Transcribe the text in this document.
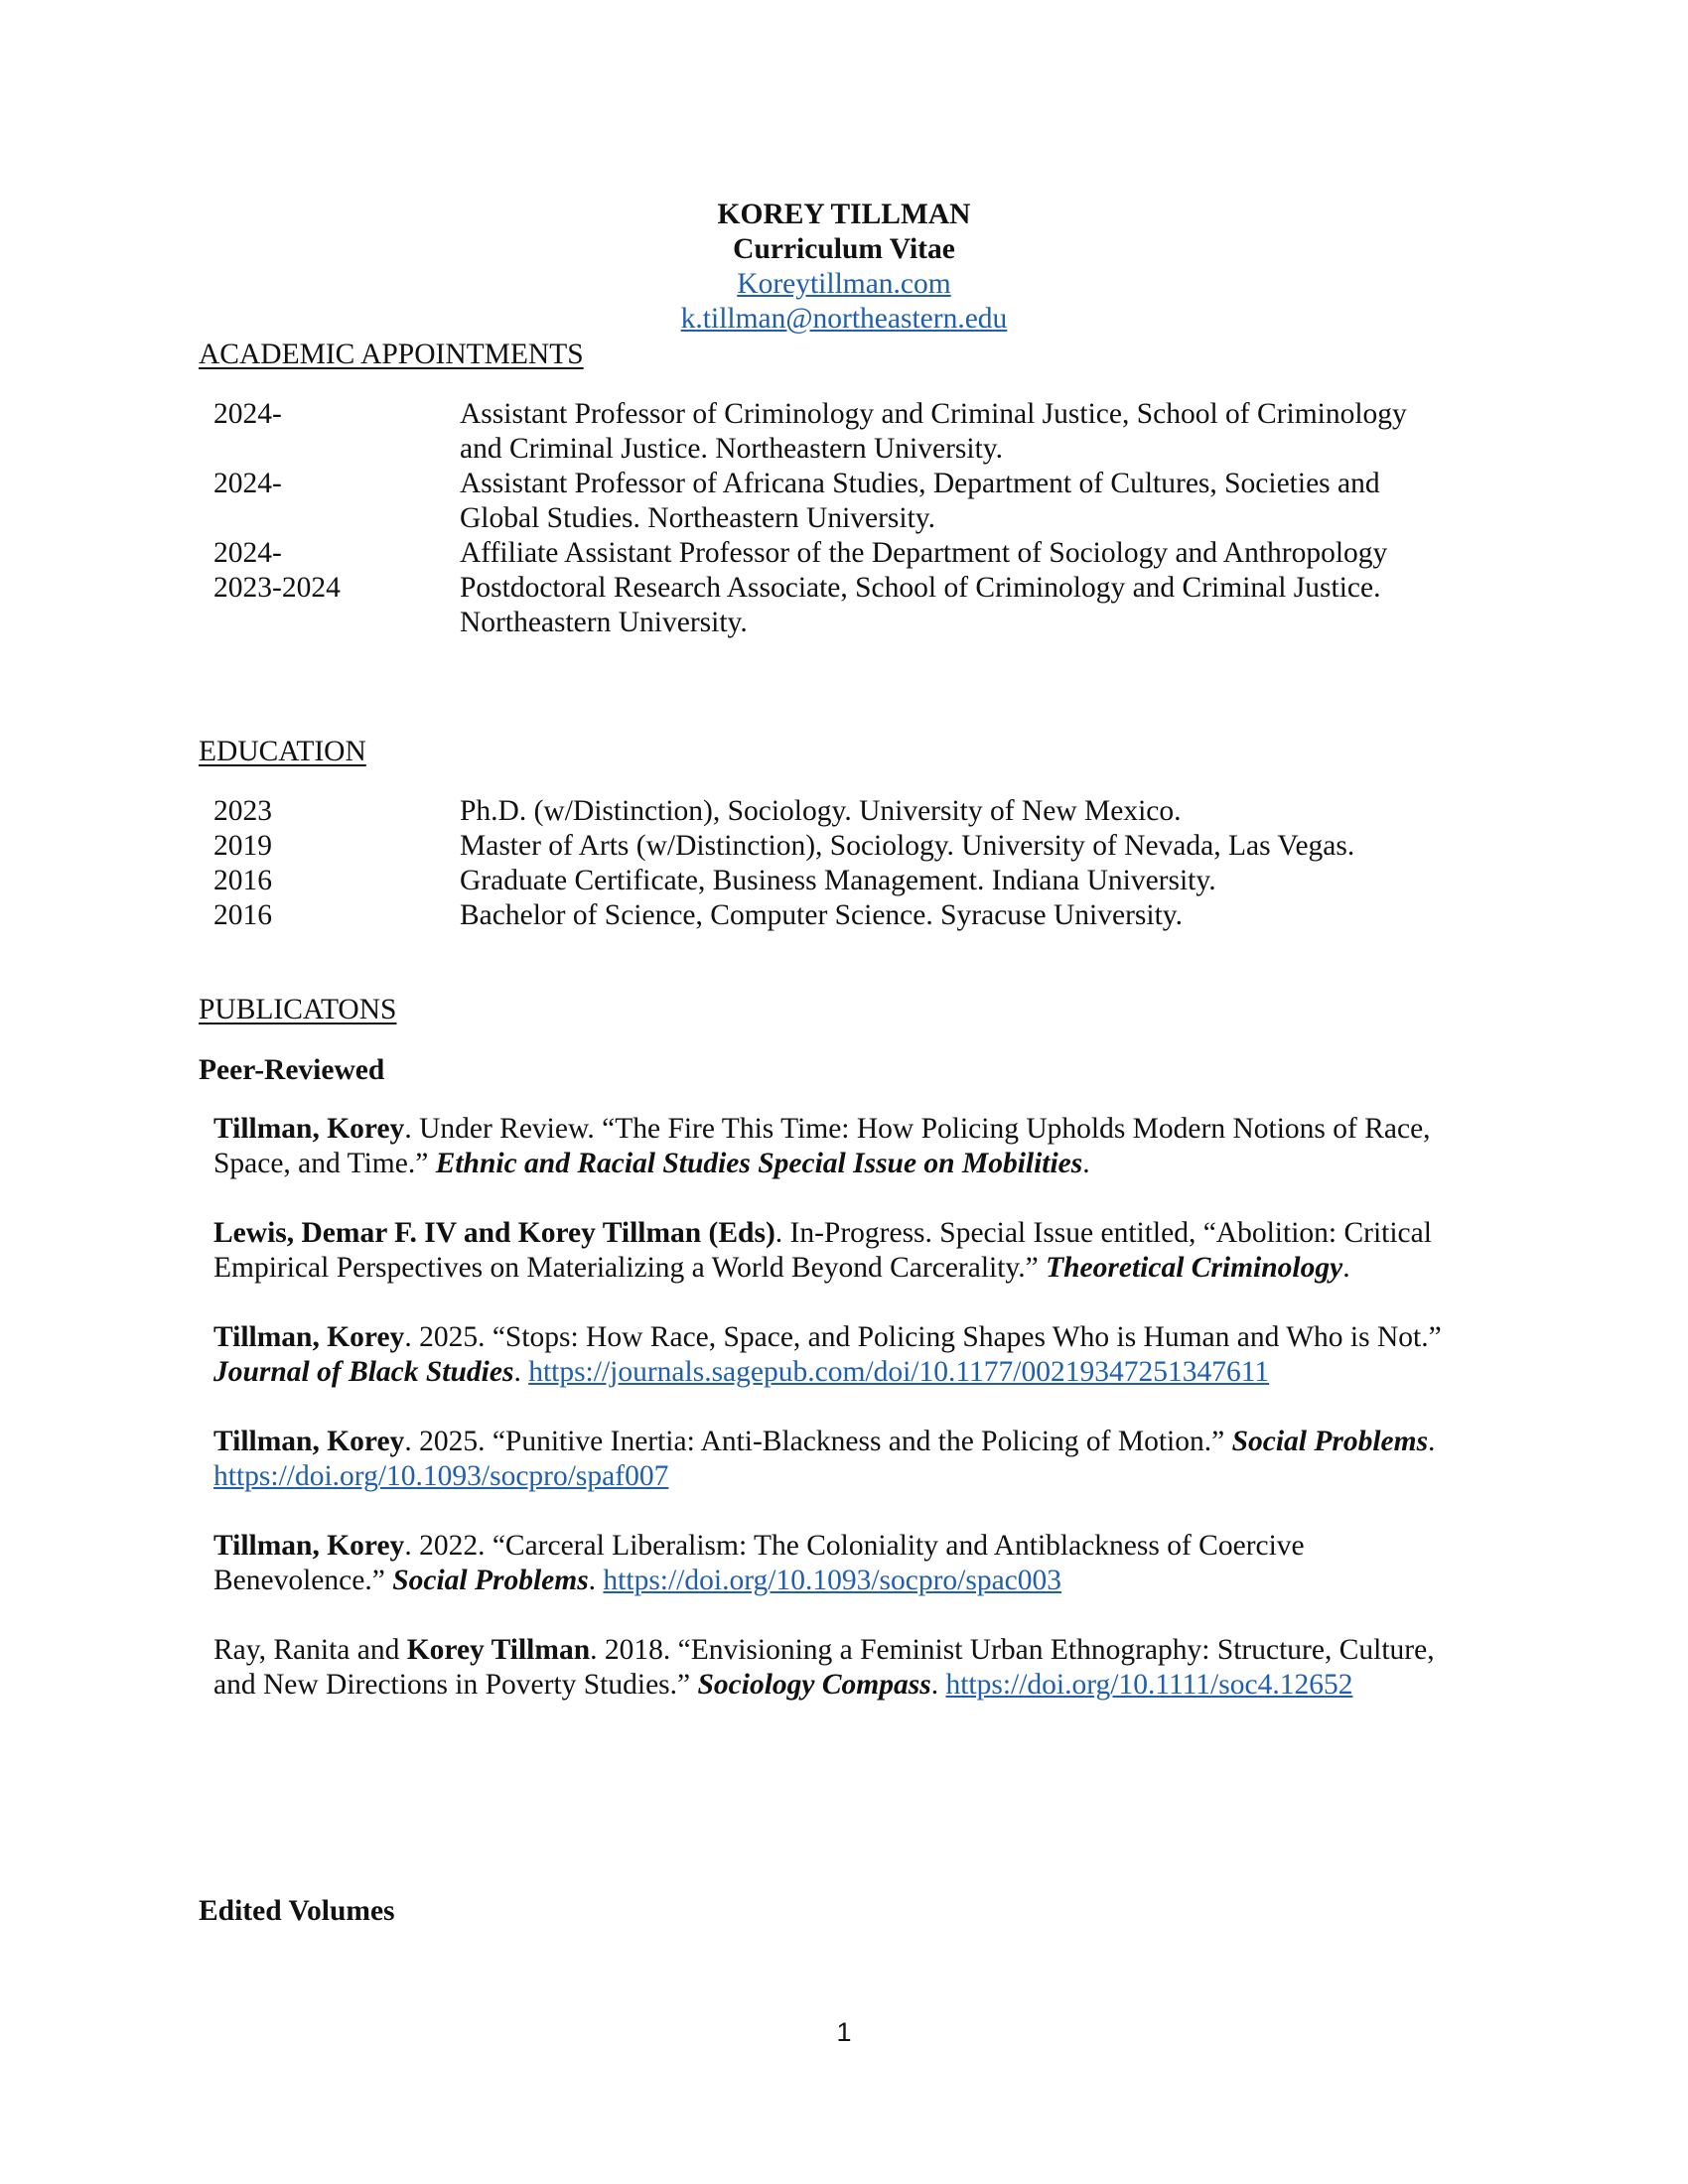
KOREY TILLMAN
Curriculum Vitae
Koreytillman.com
k.tillman@northeastern.edu
ACADEMIC APPOINTMENTS
2024-	Assistant Professor of Criminology and Criminal Justice, School of Criminology and Criminal Justice. Northeastern University.
2024-	Assistant Professor of Africana Studies, Department of Cultures, Societies and Global Studies. Northeastern University.
2024-	Affiliate Assistant Professor of the Department of Sociology and Anthropology
2023-2024	Postdoctoral Research Associate, School of Criminology and Criminal Justice. Northeastern University.
EDUCATION
2023	Ph.D. (w/Distinction), Sociology. University of New Mexico.
2019	Master of Arts (w/Distinction), Sociology. University of Nevada, Las Vegas.
2016	Graduate Certificate, Business Management. Indiana University.
2016	Bachelor of Science, Computer Science. Syracuse University.
PUBLICATONS
Peer-Reviewed
Tillman, Korey. Under Review. “The Fire This Time: How Policing Upholds Modern Notions of Race, Space, and Time.” Ethnic and Racial Studies Special Issue on Mobilities.
Lewis, Demar F. IV and Korey Tillman (Eds). In-Progress. Special Issue entitled, “Abolition: Critical Empirical Perspectives on Materializing a World Beyond Carcerality.” Theoretical Criminology.
Tillman, Korey. 2025. “Stops: How Race, Space, and Policing Shapes Who is Human and Who is Not.” Journal of Black Studies. https://journals.sagepub.com/doi/10.1177/00219347251347611
Tillman, Korey. 2025. “Punitive Inertia: Anti-Blackness and the Policing of Motion.” Social Problems. https://doi.org/10.1093/socpro/spaf007
Tillman, Korey. 2022. “Carceral Liberalism: The Coloniality and Antiblackness of Coercive Benevolence.” Social Problems. https://doi.org/10.1093/socpro/spac003
Ray, Ranita and Korey Tillman. 2018. “Envisioning a Feminist Urban Ethnography: Structure, Culture, and New Directions in Poverty Studies.” Sociology Compass. https://doi.org/10.1111/soc4.12652
Edited Volumes
1
